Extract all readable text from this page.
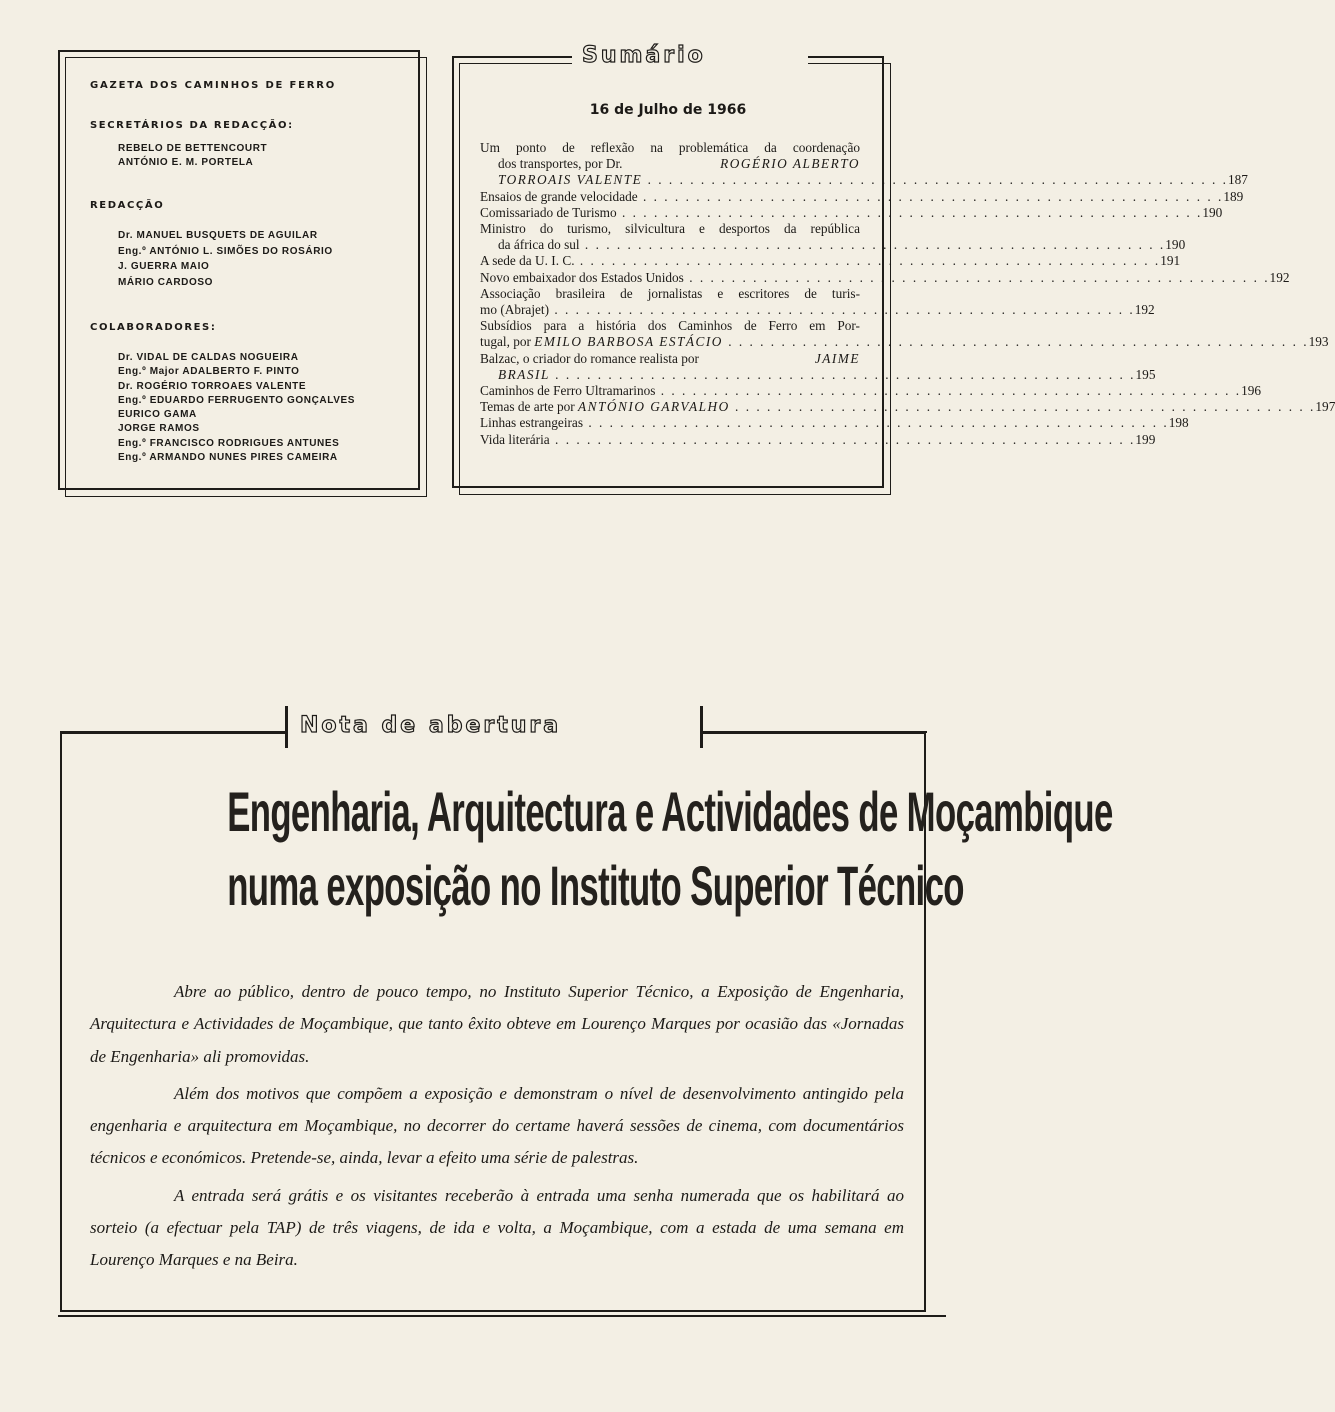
GAZETA DOS CAMINHOS DE FERRO
SECRETÁRIOS DA REDACÇÃO:
REBELO DE BETTENCOURT
ANTÓNIO E. M. PORTELA
REDACÇÃO
Dr. MANUEL BUSQUETS DE AGUILAR
Eng.º ANTÓNIO L. SIMÕES DO ROSÁRIO
J. GUERRA MAIO
MÁRIO CARDOSO
COLABORADORES:
Dr. VIDAL DE CALDAS NOGUEIRA
Eng.º Major ADALBERTO F. PINTO
Dr. ROGÉRIO TORROAES VALENTE
Eng.º EDUARDO FERRUGENTO GONÇALVES
EURICO GAMA
JORGE RAMOS
Eng.º FRANCISCO RODRIGUES ANTUNES
Eng.º ARMANDO NUNES PIRES CAMEIRA
16 de Julho de 1966
Um ponto de reflexão na problemática da coordenação
dos transportes, por Dr.	ROGÉRIO ALBERTO
TORROAIS VALENTE . . .	187
Ensaios de grande velocidade . . .	189
Comissariado de Turismo . . .	190
Ministro do turismo, silvicultura e desportos da república
da áfrica do sul . . .	190
A sede da U. I. C. . . .	191
Novo embaixador dos Estados Unidos . . .	192
Associação brasileira de jornalistas e escritores de turis-
mo (Abrajet) . . .	192
Subsídios para a história dos Caminhos de Ferro em Por-
tugal, por EMILO BARBOSA ESTÁCIO . . .	193
Balzac, o criador do romance realista por	JAIME
BRASIL . . .	195
Caminhos de Ferro Ultramarinos . . .	196
Temas de arte por ANTÓNIO GARVALHO . . .	197
Linhas estrangeiras . . .	198
Vida literária . . .	199
Sumário
Nota de abertura
Engenharia, Arquitectura e Actividades de Moçambique
numa exposição no Instituto Superior Técnico

Abre ao público, dentro de pouco tempo, no Instituto Superior Técnico, a Exposição de Engenharia, Arquitectura e Actividades de Moçambique, que tanto êxito obteve em Lourenço Marques por ocasião das «Jornadas de Engenharia» ali promovidas.

Além dos motivos que compõem a exposição e demonstram o nível de desenvolvimento antingido pela engenharia e arquitectura em Moçambique, no decorrer do certame haverá sessões de cinema, com documentários técnicos e económicos. Pretende-se, ainda, levar a efeito uma série de palestras.

A entrada será grátis e os visitantes receberão à entrada uma senha numerada que os habilitará ao sorteio (a efectuar pela TAP) de três viagens, de ida e volta, a Moçambique, com a estada de uma semana em Lourenço Marques e na Beira.
